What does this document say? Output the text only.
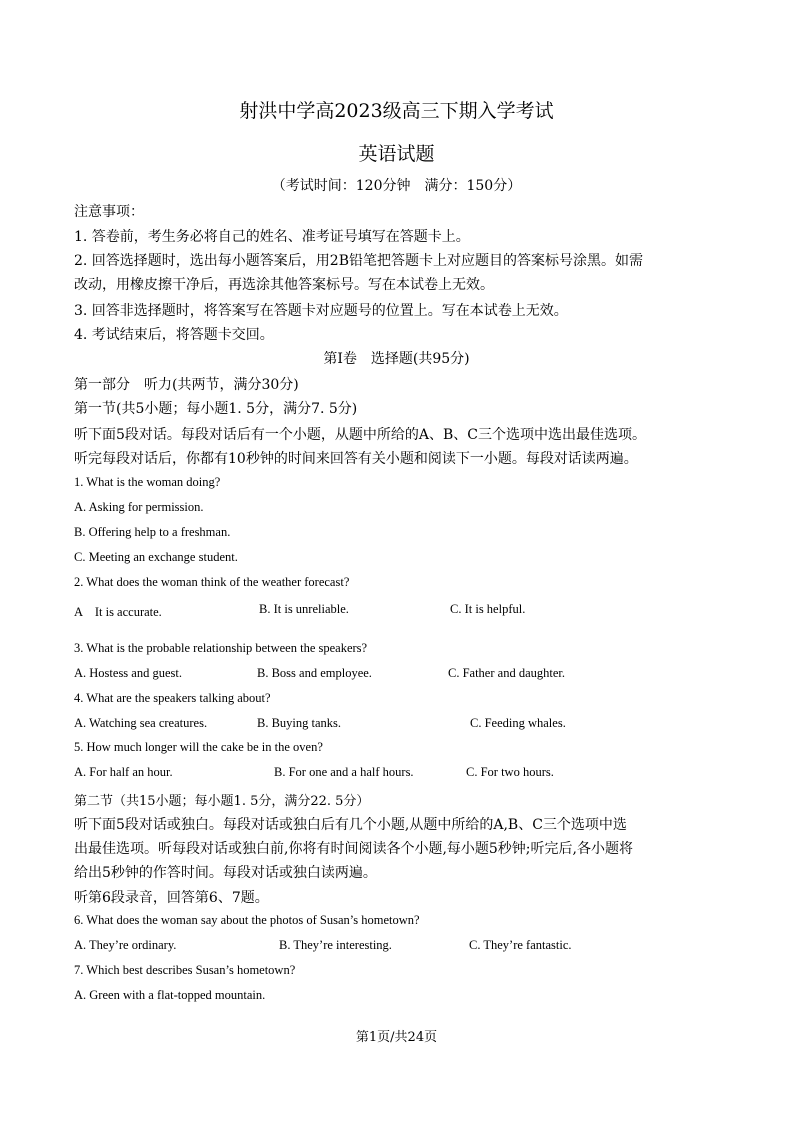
射洪中学高2023级高三下期入学考试
英语试题
（考试时间：120分钟　满分：150分）
注意事项：
1. 答卷前，考生务必将自己的姓名、准考证号填写在答题卡上。
2. 回答选择题时，选出每小题答案后，用2B铅笔把答题卡上对应题目的答案标号涂黑。如需
改动，用橡皮擦干净后，再选涂其他答案标号。写在本试卷上无效。
3. 回答非选择题时，将答案写在答题卡对应题号的位置上。写在本试卷上无效。
4. 考试结束后，将答题卡交回。
第I卷　选择题(共95分)
第一部分　听力(共两节，满分30分)
第一节(共5小题；每小题1. 5分，满分7. 5分)
听下面5段对话。每段对话后有一个小题，从题中所给的A、B、C三个选项中选出最佳选项。
听完每段对话后，你都有10秒钟的时间来回答有关小题和阅读下一小题。每段对话读两遍。
1. What is the woman doing?
A. Asking for permission.
B. Offering help to a freshman.
C. Meeting an exchange student.
2. What does the woman think of the weather forecast?
A　It is accurate.	B. It is unreliable.	C. It is helpful.
3. What is the probable relationship between the speakers?
A. Hostess and guest.	B. Boss and employee.	C. Father and daughter.
4. What are the speakers talking about?
A. Watching sea creatures.	B. Buying tanks.	C. Feeding whales.
5. How much longer will the cake be in the oven?
A. For half an hour.	B. For one and a half hours.	C. For two hours.
第二节（共15小题；每小题1. 5分，满分22. 5分）
听下面5段对话或独白。每段对话或独白后有几个小题,从题中所给的A,B、C三个选项中选
出最佳选项。听每段对话或独白前,你将有时间阅读各个小题,每小题5秒钟;听完后,各小题将
给出5秒钟的作答时间。每段对话或独白读两遍。
听第6段录音，回答第6、7题。
6. What does the woman say about the photos of Susan’s hometown?
A. They’re ordinary.	B. They’re interesting.	C. They’re fantastic.
7. Which best describes Susan’s hometown?
A. Green with a flat-topped mountain.
第1页/共24页
